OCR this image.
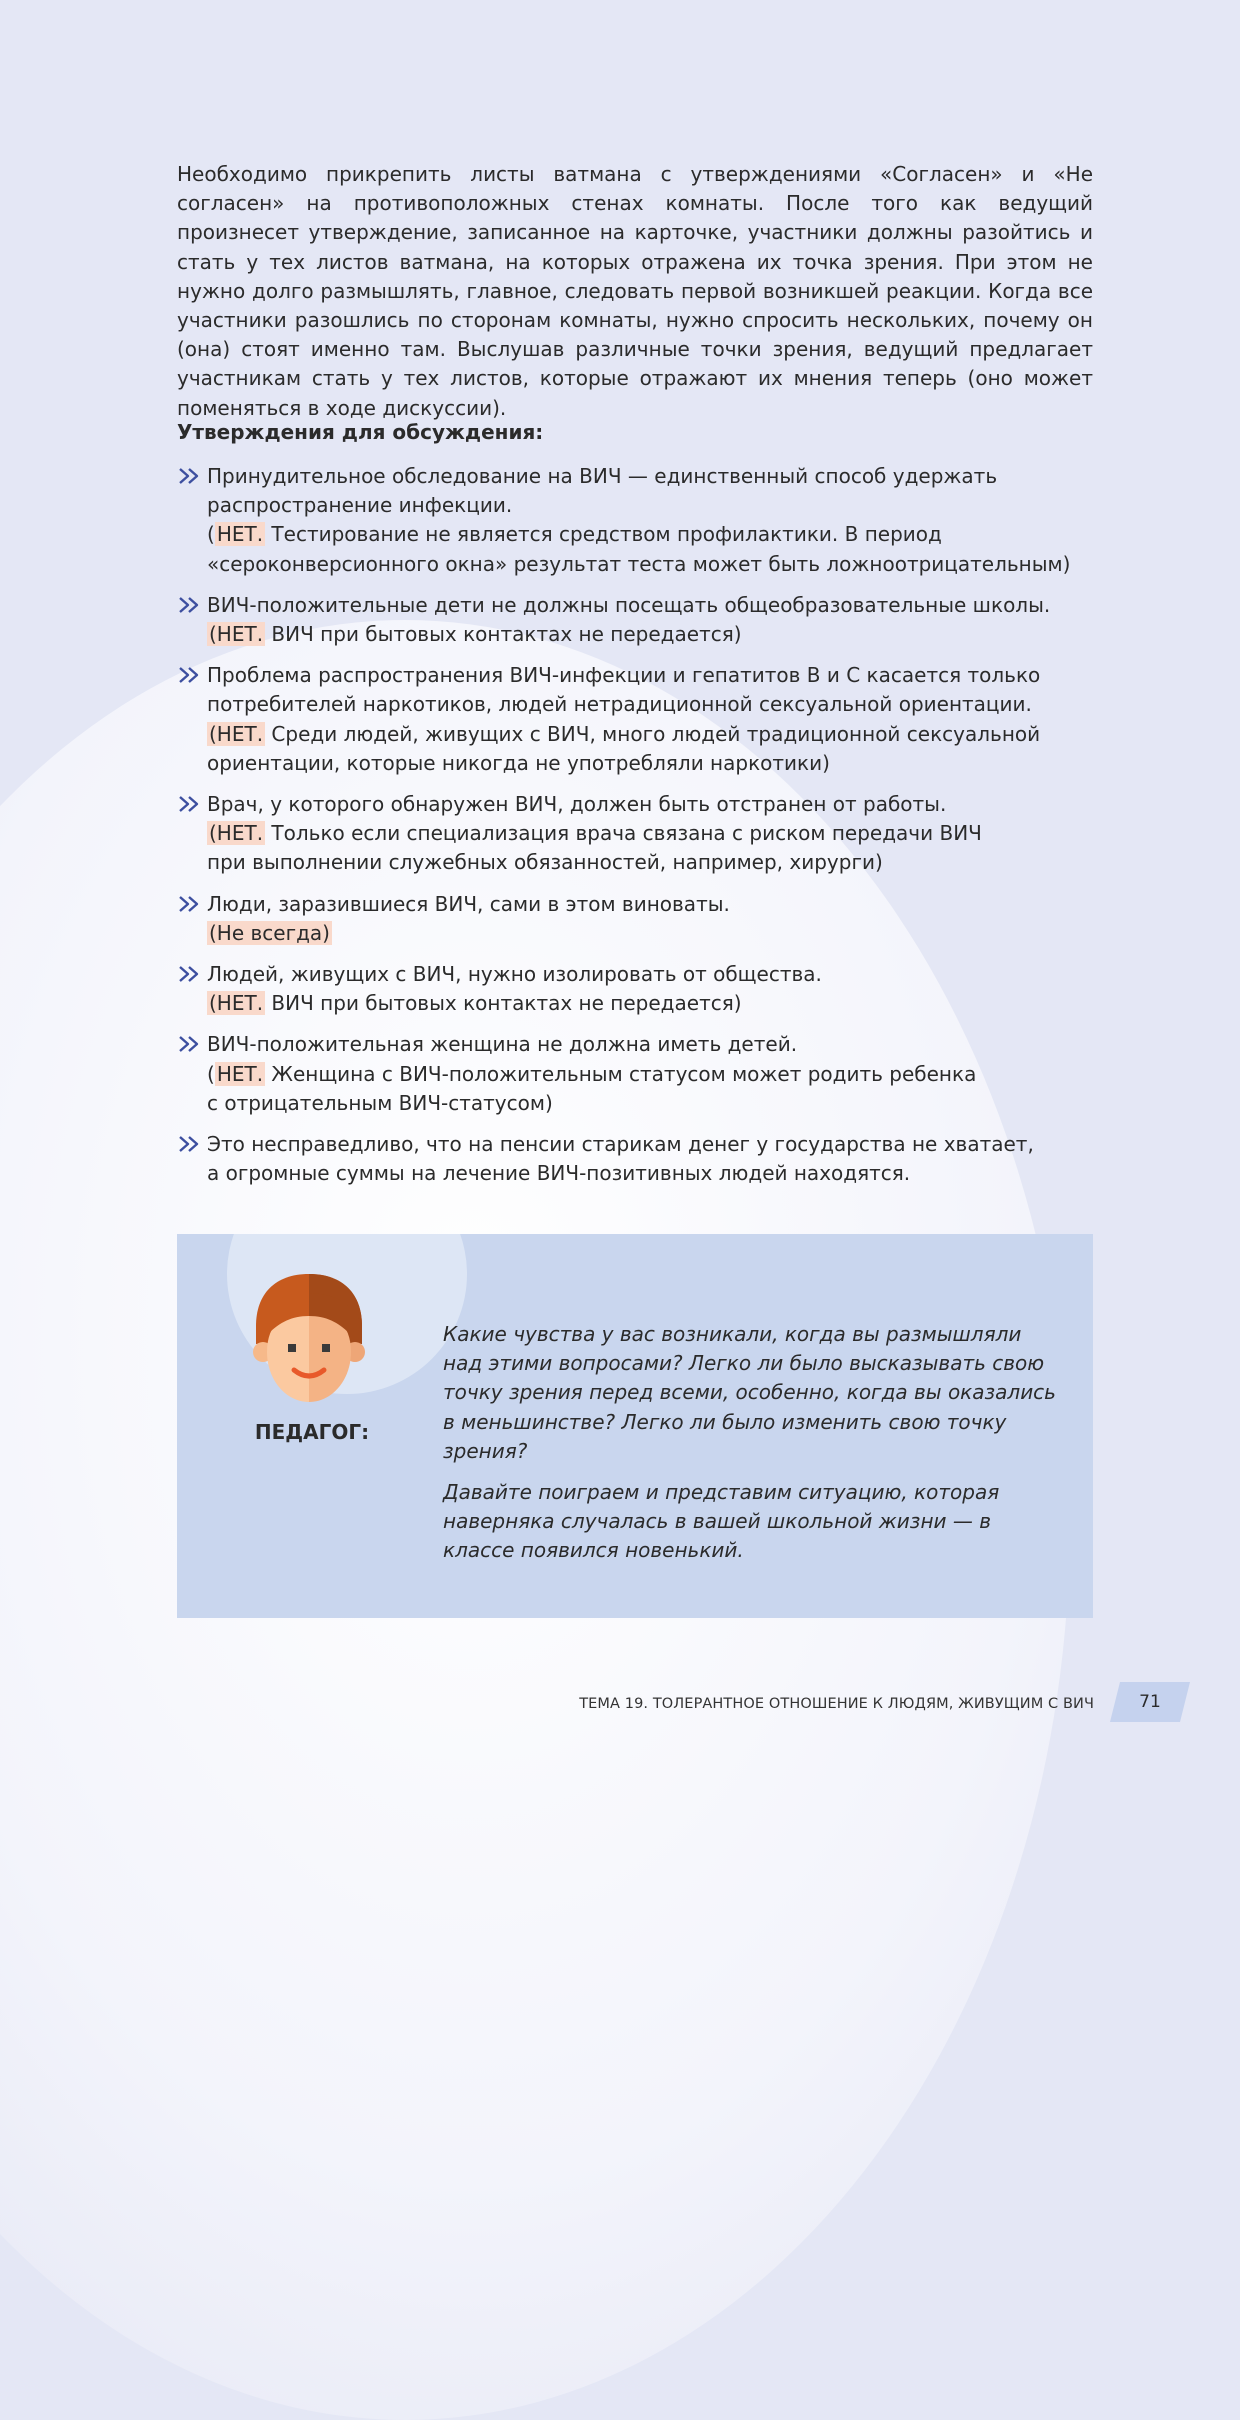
Необходимо прикрепить листы ватмана с утверждениями «Согласен» и «Не согласен» на противоположных стенах комнаты. После того как ведущий произнесет утверждение, записанное на карточке, участники должны разойтись и стать у тех листов ватмана, на которых отражена их точка зрения. При этом не нужно долго размышлять, главное, следовать первой возникшей реакции. Когда все участники разошлись по сторонам комнаты, нужно спросить нескольких, почему он (она) стоят именно там. Выслушав различные точки зрения, ведущий предлагает участникам стать у тех листов, которые отражают их мнения теперь (оно может поменяться в ходе дискуссии).

Утверждения для обсуждения:
Принудительное обследование на ВИЧ — единственный способ удержать
распространение инфекции.
( НЕТ. Тестирование не является средством профилактики. В период
«сероконверсионного окна» результат теста может быть ложноотрицательным)
ВИЧ-положительные дети не должны посещать общеобразовательные школы.
(НЕТ. ВИЧ при бытовых контактах не передается)
Проблема распространения ВИЧ-инфекции и гепатитов В и С касается только
потребителей наркотиков, людей нетрадиционной сексуальной ориентации.
(НЕТ. Среди людей, живущих с ВИЧ, много людей традиционной сексуальной
ориентации, которые никогда не употребляли наркотики)
Врач, у которого обнаружен ВИЧ, должен быть отстранен от работы.
(НЕТ. Только если специализация врача связана с риском передачи ВИЧ
при выполнении служебных обязанностей, например, хирурги)
Люди, заразившиеся ВИЧ, сами в этом виноваты.
(Не всегда)
Людей, живущих с ВИЧ, нужно изолировать от общества.
(НЕТ. ВИЧ при бытовых контактах не передается)
ВИЧ-положительная женщина не должна иметь детей.
( НЕТ. Женщина с ВИЧ-положительным статусом может родить ребенка
с отрицательным ВИЧ-статусом)
Это несправедливо, что на пенсии старикам денег у государства не хватает,
а огромные суммы на лечение ВИЧ-позитивных людей находятся.
ПЕДАГОГ:

Какие чувства у вас возникали, когда вы размышляли над этими вопросами? Легко ли было высказывать свою точку зрения перед всеми, особенно, когда вы оказались в меньшинстве? Легко ли было изменить свою точку зрения?

Давайте поиграем и представим ситуацию, которая наверняка случалась в вашей школьной жизни — в классе появился новенький.

ТЕМА 19. ТОЛЕРАНТНОЕ ОТНОШЕНИЕ К ЛЮДЯМ, ЖИВУЩИМ С ВИЧ	71
